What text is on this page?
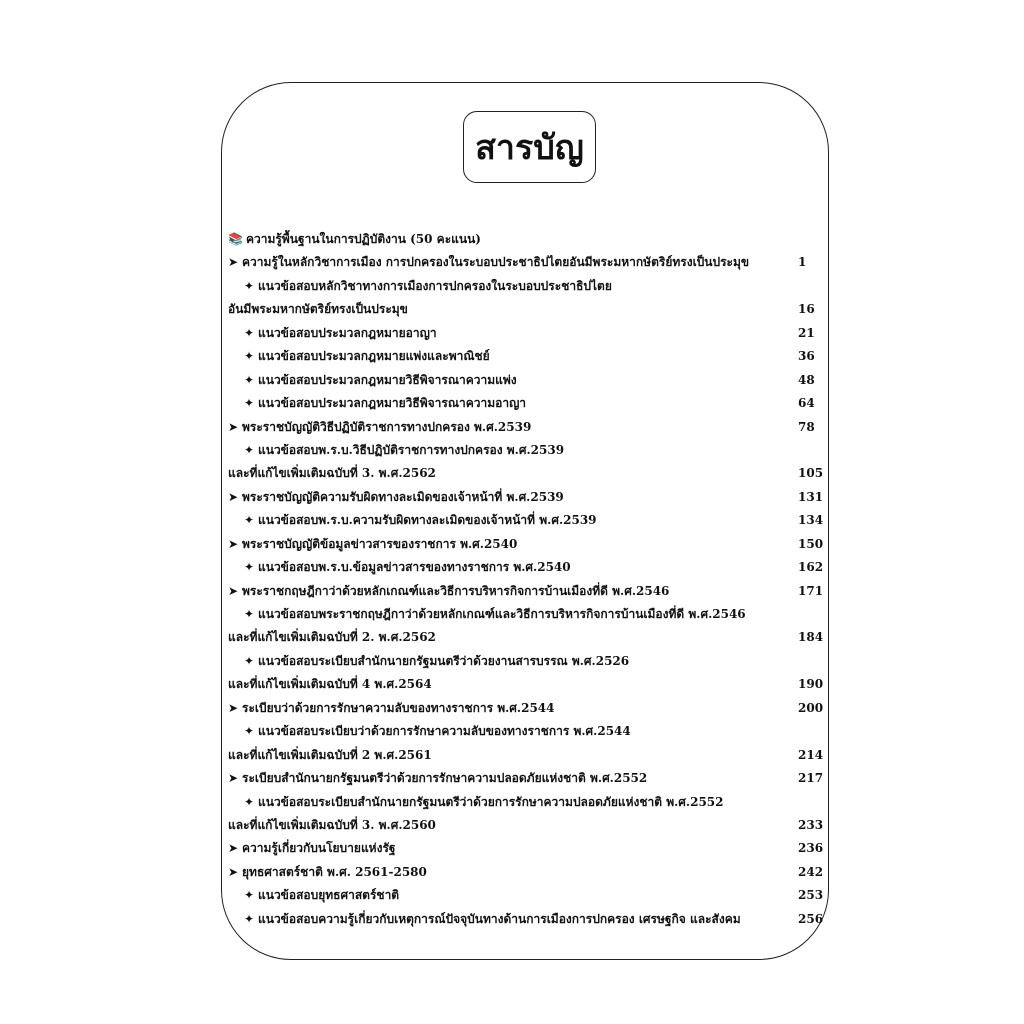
สารบัญ
📚 ความรู้พื้นฐานในการปฏิบัติงาน (50 คะแนน)
➤ ความรู้ในหลักวิชาการเมือง การปกครองในระบอบประชาธิปไตยอันมีพระมหากษัตริย์ทรงเป็นประมุข	1
✦ แนวข้อสอบหลักวิชาทางการเมืองการปกครองในระบอบประชาธิปไตย
อันมีพระมหากษัตริย์ทรงเป็นประมุข	16
✦ แนวข้อสอบประมวลกฎหมายอาญา	21
✦ แนวข้อสอบประมวลกฎหมายแพ่งและพาณิชย์	36
✦ แนวข้อสอบประมวลกฎหมายวิธีพิจารณาความแพ่ง	48
✦ แนวข้อสอบประมวลกฎหมายวิธีพิจารณาความอาญา	64
➤ พระราชบัญญัติวิธีปฏิบัติราชการทางปกครอง พ.ศ.2539	78
✦ แนวข้อสอบพ.ร.บ.วิธีปฏิบัติราชการทางปกครอง พ.ศ.2539
และที่แก้ไขเพิ่มเติมฉบับที่ 3. พ.ศ.2562	105
➤ พระราชบัญญัติความรับผิดทางละเมิดของเจ้าหน้าที่ พ.ศ.2539	131
✦ แนวข้อสอบพ.ร.บ.ความรับผิดทางละเมิดของเจ้าหน้าที่ พ.ศ.2539	134
➤ พระราชบัญญัติข้อมูลข่าวสารของราชการ พ.ศ.2540	150
✦ แนวข้อสอบพ.ร.บ.ข้อมูลข่าวสารของทางราชการ พ.ศ.2540	162
➤ พระราชกฤษฎีกาว่าด้วยหลักเกณฑ์และวิธีการบริหารกิจการบ้านเมืองที่ดี พ.ศ.2546	171
✦ แนวข้อสอบพระราชกฤษฎีกาว่าด้วยหลักเกณฑ์และวิธีการบริหารกิจการบ้านเมืองที่ดี พ.ศ.2546
และที่แก้ไขเพิ่มเติมฉบับที่ 2. พ.ศ.2562	184
✦ แนวข้อสอบระเบียบสำนักนายกรัฐมนตรีว่าด้วยงานสารบรรณ พ.ศ.2526
และที่แก้ไขเพิ่มเติมฉบับที่ 4 พ.ศ.2564	190
➤ ระเบียบว่าด้วยการรักษาความลับของทางราชการ พ.ศ.2544	200
✦ แนวข้อสอบระเบียบว่าด้วยการรักษาความลับของทางราชการ พ.ศ.2544
และที่แก้ไขเพิ่มเติมฉบับที่ 2 พ.ศ.2561	214
➤ ระเบียบสำนักนายกรัฐมนตรีว่าด้วยการรักษาความปลอดภัยแห่งชาติ พ.ศ.2552	217
✦ แนวข้อสอบระเบียบสำนักนายกรัฐมนตรีว่าด้วยการรักษาความปลอดภัยแห่งชาติ พ.ศ.2552
และที่แก้ไขเพิ่มเติมฉบับที่ 3. พ.ศ.2560	233
➤ ความรู้เกี่ยวกับนโยบายแห่งรัฐ	236
➤ ยุทธศาสตร์ชาติ พ.ศ. 2561-2580	242
✦ แนวข้อสอบยุทธศาสตร์ชาติ	253
✦ แนวข้อสอบความรู้เกี่ยวกับเหตุการณ์ปัจจุบันทางด้านการเมืองการปกครอง เศรษฐกิจ และสังคม	256
